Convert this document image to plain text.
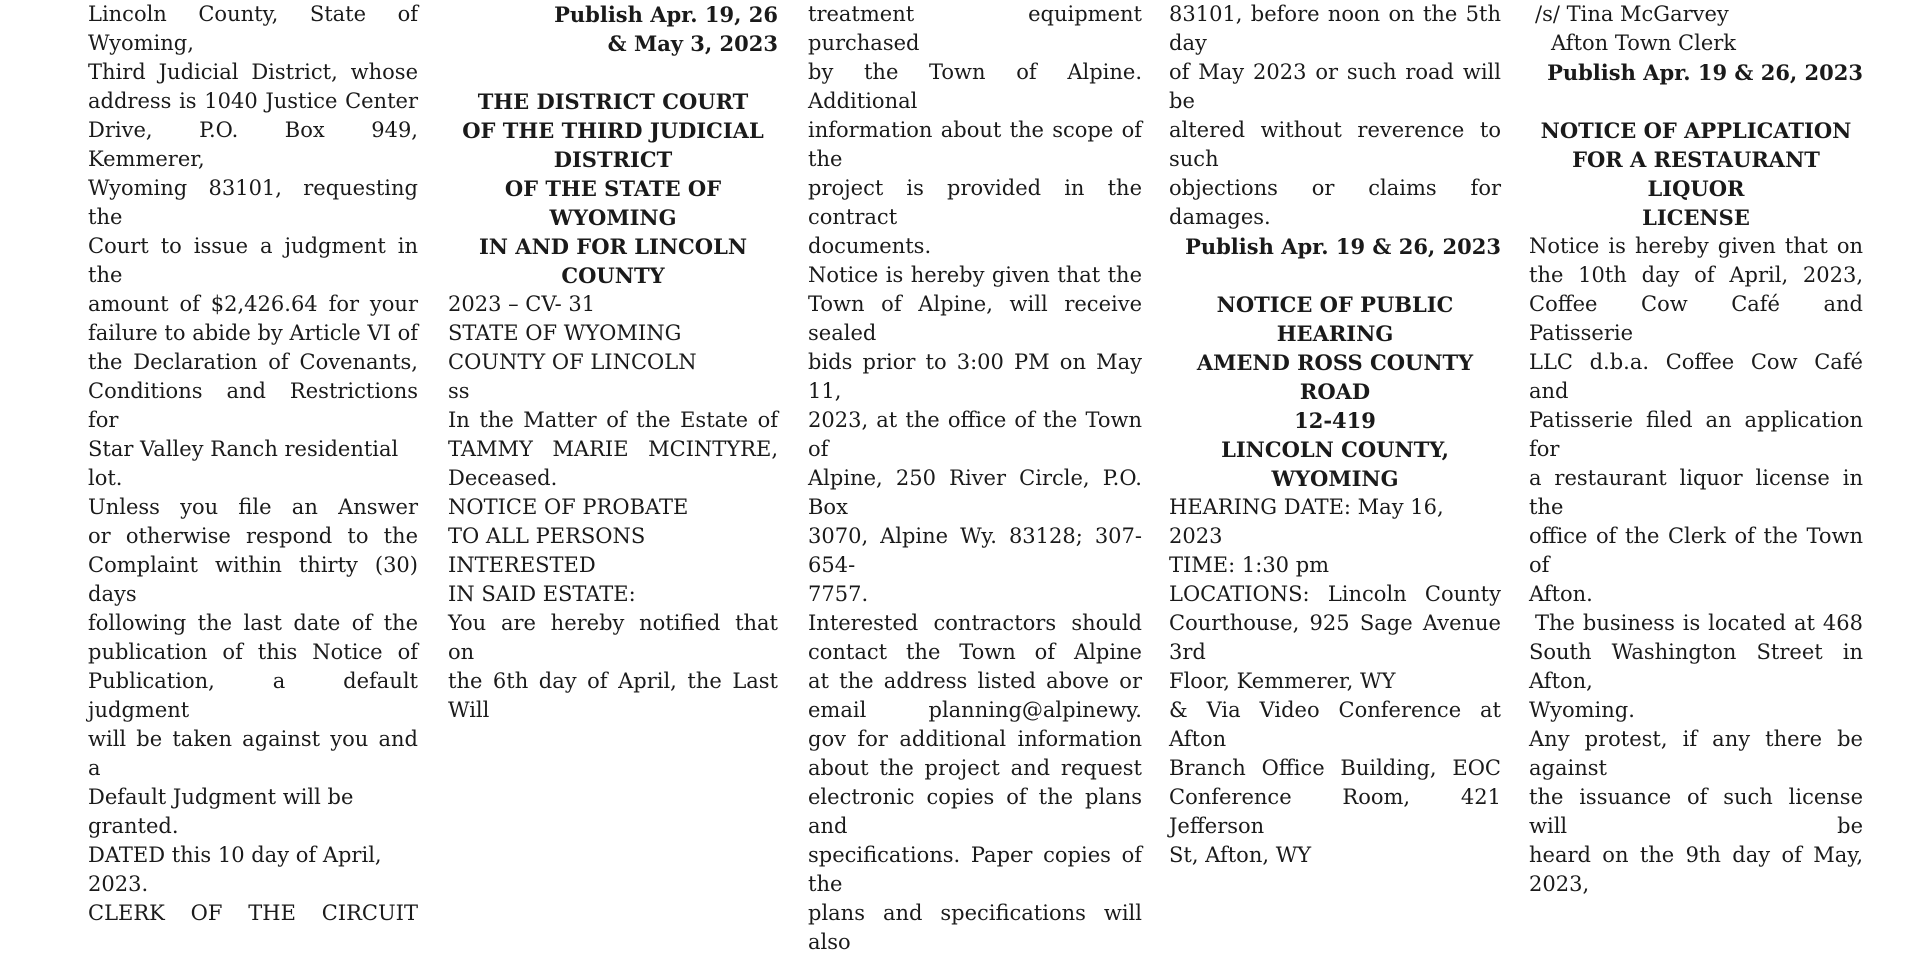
Lincoln County, State of Wyoming,

Third Judicial District, whose

address is 1040 Justice Center

Drive, P.O. Box 949, Kemmerer,

Wyoming 83101, requesting the

Court to issue a judgment in the

amount of $2,426.64 for your

failure to abide by Article VI of

the Declaration of Covenants,

Conditions and Restrictions for

Star Valley Ranch residential lot.

Unless you file an Answer

or otherwise respond to the

Complaint within thirty (30) days

following the last date of the

publication of this Notice of

Publication, a default judgment

will be taken against you and a

Default Judgment will be granted.

DATED this 10 day of April, 2023.

CLERK OF THE CIRCUIT

Publish Apr. 19, 26

& May 3, 2023

THE DISTRICT COURT

OF THE THIRD JUDICIAL

DISTRICT

OF THE STATE OF WYOMING

IN AND FOR LINCOLN

COUNTY

2023 – CV- 31

STATE OF WYOMING

COUNTY OF LINCOLN

ss

In the Matter of the Estate of

TAMMY MARIE MCINTYRE,

Deceased.

NOTICE OF PROBATE

TO ALL PERSONS INTERESTED

IN SAID ESTATE:

You are hereby notified that on

the 6th day of April, the Last Will

treatment equipment purchased

by the Town of Alpine. Additional

information about the scope of the

project is provided in the contract

documents.

Notice is hereby given that the

Town of Alpine, will receive sealed

bids prior to 3:00 PM on May 11,

2023, at the office of the Town of

Alpine, 250 River Circle, P.O. Box

3070, Alpine Wy. 83128; 307-654-

7757.

Interested contractors should

contact the Town of Alpine

at the address listed above or

email planning@alpinewy.

gov for additional information

about the project and request

electronic copies of the plans and

specifications. Paper copies of the

plans and specifications will also

83101, before noon on the 5th day

of May 2023 or such road will be

altered without reverence to such

objections or claims for damages.

Publish Apr. 19 & 26, 2023

NOTICE OF PUBLIC

HEARING

AMEND ROSS COUNTY ROAD

12-419

LINCOLN COUNTY,

WYOMING

HEARING DATE: May 16, 2023

TIME: 1:30 pm

LOCATIONS: Lincoln County

Courthouse, 925 Sage Avenue 3rd

Floor, Kemmerer, WY

& Via Video Conference at Afton

Branch Office Building, EOC

Conference Room, 421 Jefferson

St, Afton, WY

/s/ Tina McGarvey

Afton Town Clerk

Publish Apr. 19 & 26, 2023

NOTICE OF APPLICATION

FOR A RESTAURANT LIQUOR

LICENSE

Notice is hereby given that on

the 10th day of April, 2023,

Coffee Cow Café and Patisserie

LLC d.b.a. Coffee Cow Café and

Patisserie filed an application for

a restaurant liquor license in the

office of the Clerk of the Town of

Afton.

The business is located at 468

South Washington Street in Afton,

Wyoming.

Any protest, if any there be against

the issuance of such license will be

heard on the 9th day of May, 2023,
